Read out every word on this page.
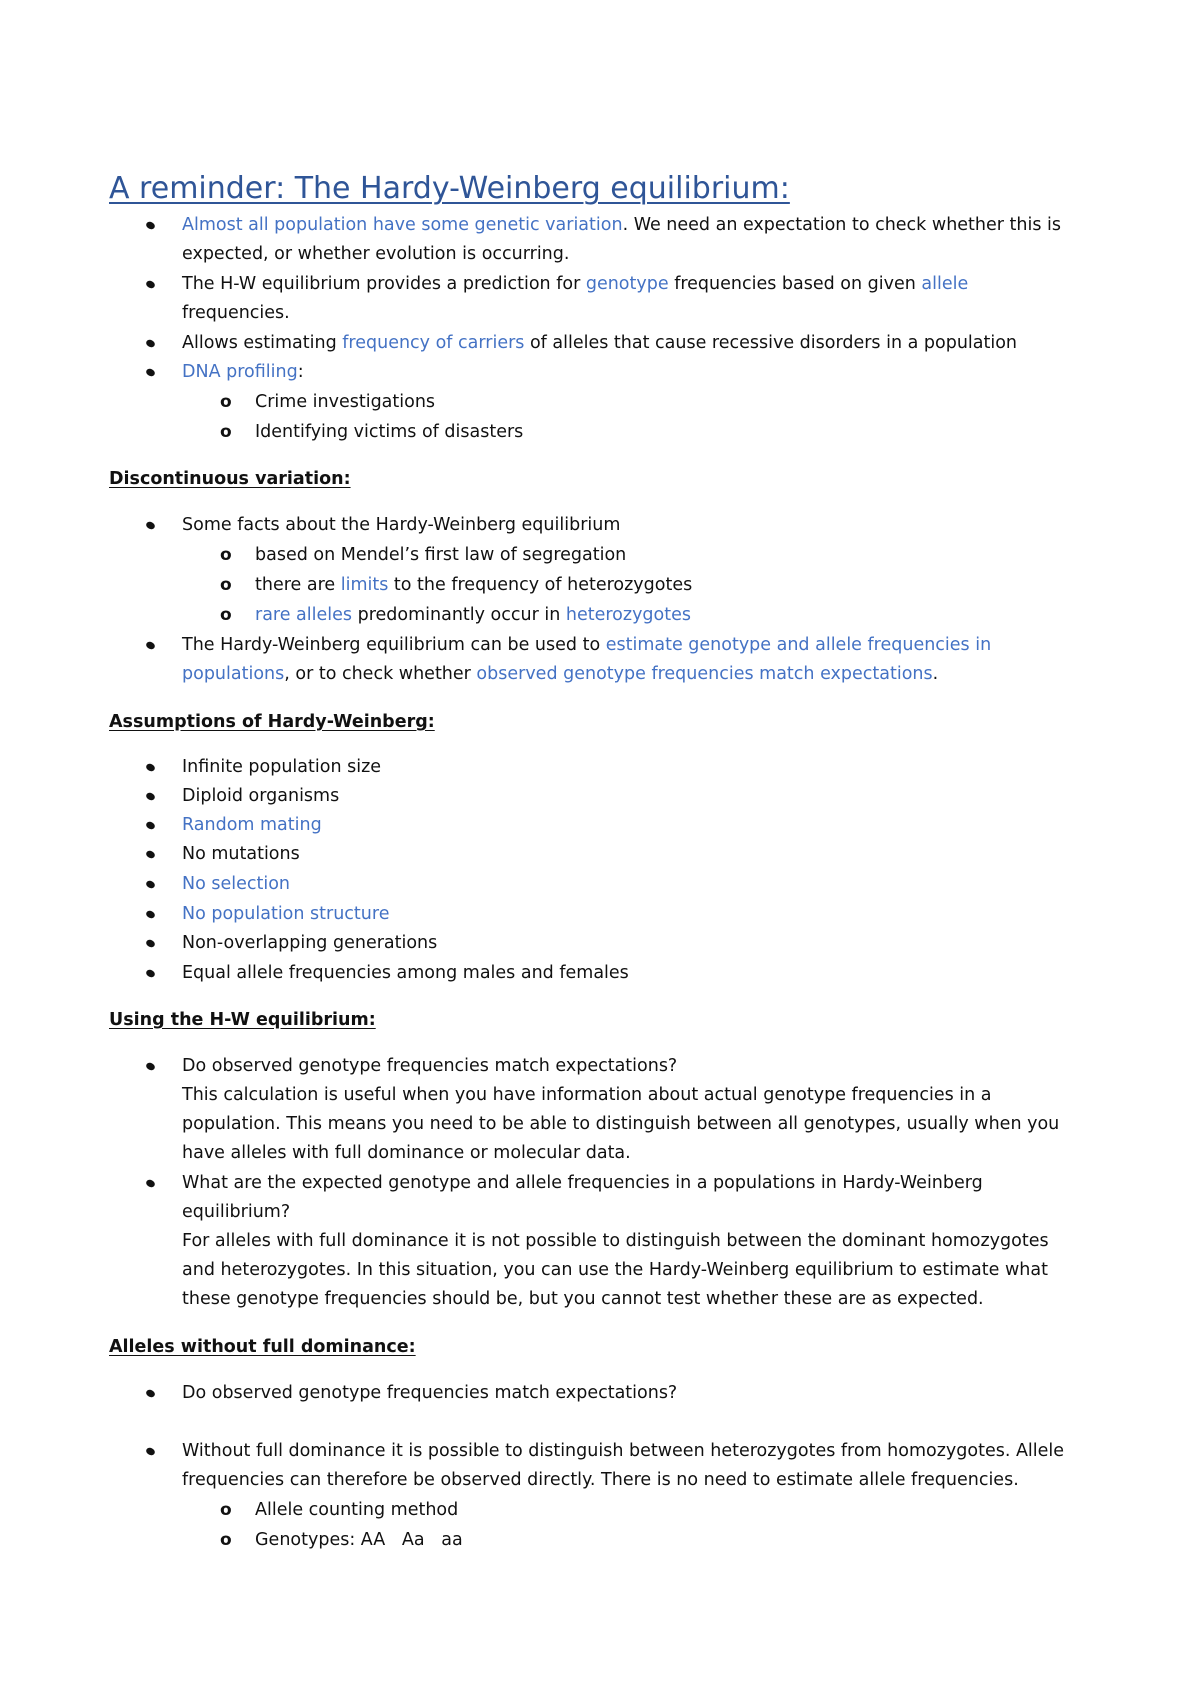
A reminder: The Hardy-Weinberg equilibrium:
Almost all population have some genetic variation. We need an expectation to check whether this is
expected, or whether evolution is occurring.
The H-W equilibrium provides a prediction for genotype frequencies based on given allele
frequencies.
Allows estimating frequency of carriers of alleles that cause recessive disorders in a population
DNA profiling:
o Crime investigations
o Identifying victims of disasters
Discontinuous variation:
Some facts about the Hardy-Weinberg equilibrium
o based on Mendel’s first law of segregation
o there are limits to the frequency of heterozygotes
o rare alleles predominantly occur in heterozygotes
The Hardy-Weinberg equilibrium can be used to estimate genotype and allele frequencies in
populations, or to check whether observed genotype frequencies match expectations.
Assumptions of Hardy-Weinberg:
Infinite population size
Diploid organisms
Random mating
No mutations
No selection
No population structure
Non-overlapping generations
Equal allele frequencies among males and females
Using the H-W equilibrium:
Do observed genotype frequencies match expectations?
This calculation is useful when you have information about actual genotype frequencies in a
population. This means you need to be able to distinguish between all genotypes, usually when you
have alleles with full dominance or molecular data.
What are the expected genotype and allele frequencies in a populations in Hardy-Weinberg
equilibrium?
For alleles with full dominance it is not possible to distinguish between the dominant homozygotes
and heterozygotes. In this situation, you can use the Hardy-Weinberg equilibrium to estimate what
these genotype frequencies should be, but you cannot test whether these are as expected.
Alleles without full dominance:
Do observed genotype frequencies match expectations?
Without full dominance it is possible to distinguish between heterozygotes from homozygotes. Allele
frequencies can therefore be observed directly. There is no need to estimate allele frequencies.
o Allele counting method
o Genotypes: AA   Aa   aa
